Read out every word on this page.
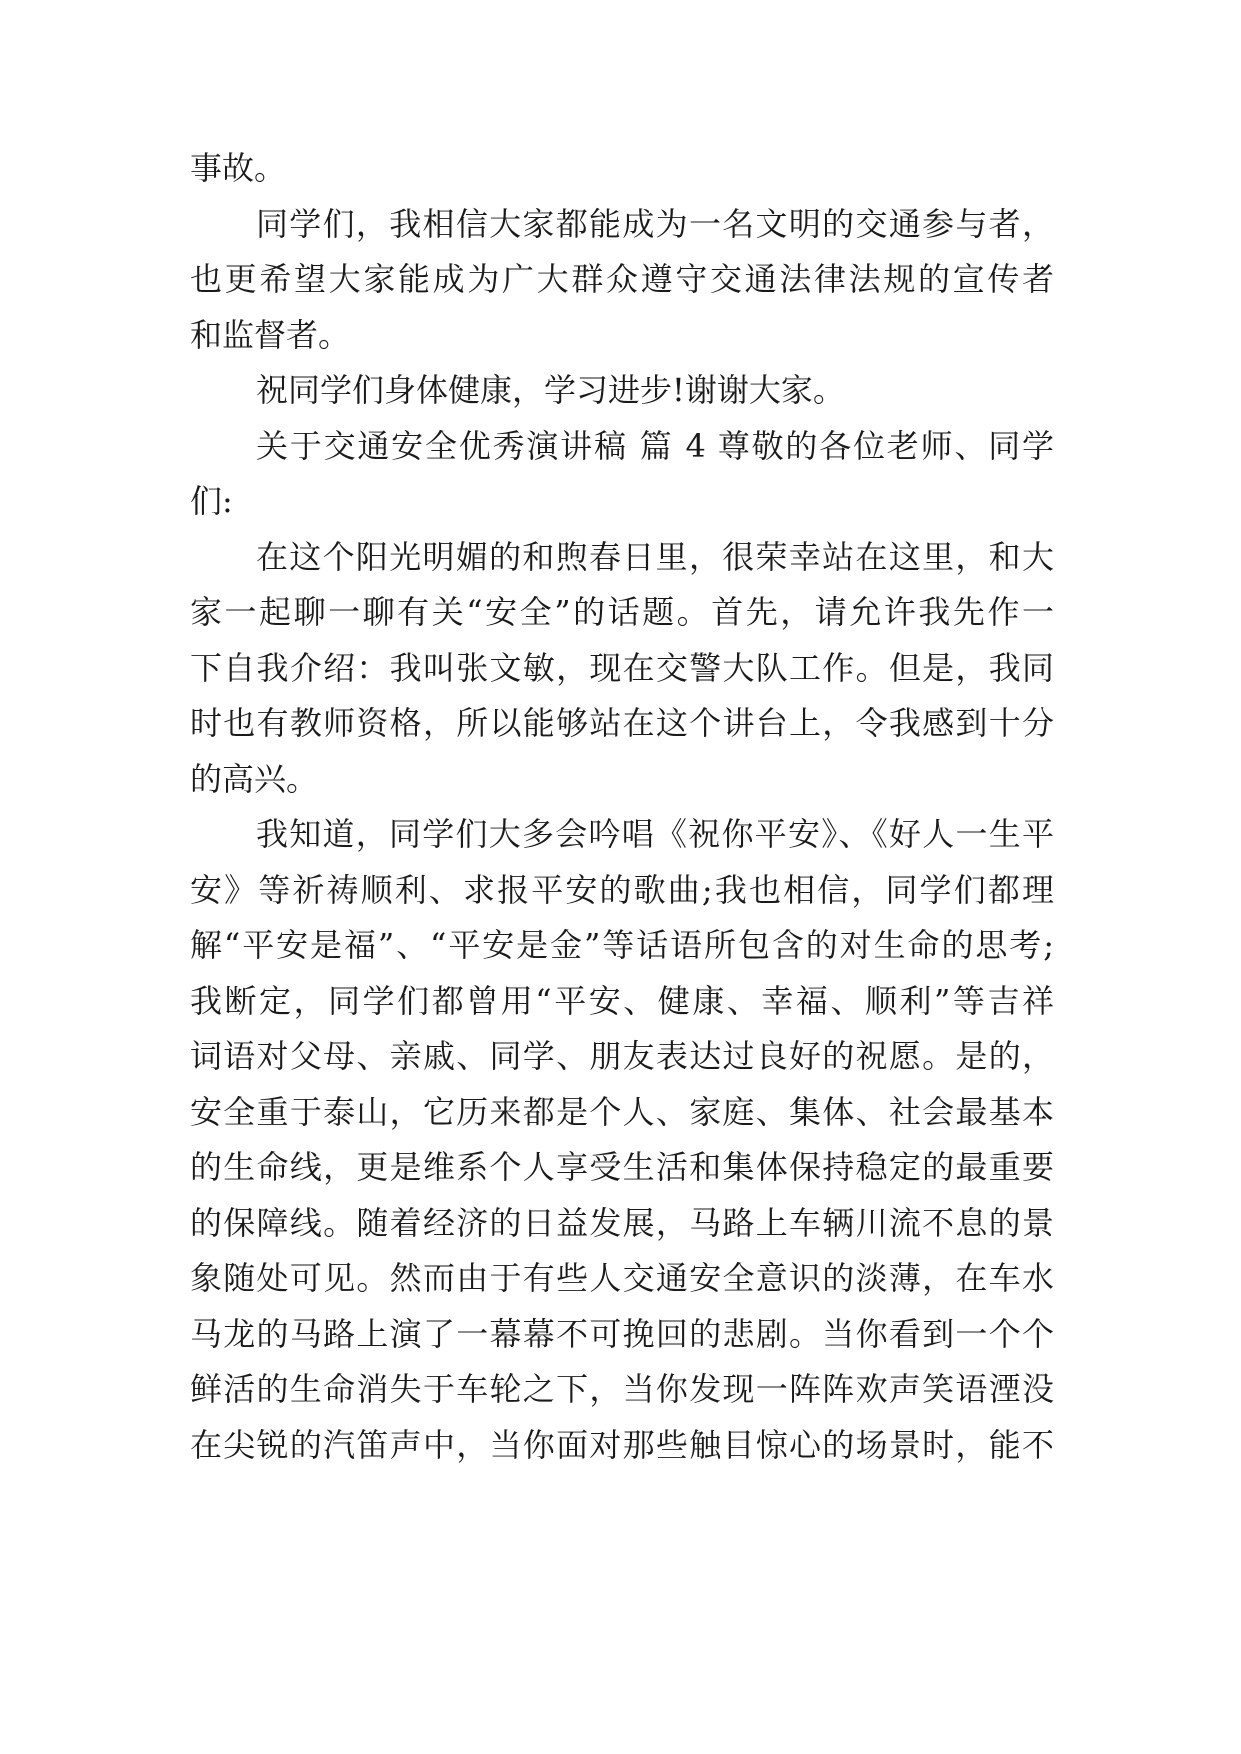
事故。

同学们，我相信大家都能成为一名文明的交通参与者，

也更希望大家能成为广大群众遵守交通法律法规的宣传者

和监督者。

祝同学们身体健康，学习进步!谢谢大家。

关于交通安全优秀演讲稿 篇 4 尊敬的各位老师、同学

们:

在这个阳光明媚的和煦春日里，很荣幸站在这里，和大

家一起聊一聊有关“安全”的话题。首先，请允许我先作一

下自我介绍：我叫张文敏，现在交警大队工作。但是，我同

时也有教师资格，所以能够站在这个讲台上，令我感到十分

的高兴。

我知道，同学们大多会吟唱《祝你平安》、《好人一生平

安》等祈祷顺利、求报平安的歌曲;我也相信，同学们都理

解“平安是福”、“平安是金”等话语所包含的对生命的思考;

我断定，同学们都曾用“平安、健康、幸福、顺利”等吉祥

词语对父母、亲戚、同学、朋友表达过良好的祝愿。是的，

安全重于泰山，它历来都是个人、家庭、集体、社会最基本

的生命线，更是维系个人享受生活和集体保持稳定的最重要

的保障线。随着经济的日益发展，马路上车辆川流不息的景

象随处可见。然而由于有些人交通安全意识的淡薄，在车水

马龙的马路上演了一幕幕不可挽回的悲剧。当你看到一个个

鲜活的生命消失于车轮之下，当你发现一阵阵欢声笑语湮没

在尖锐的汽笛声中，当你面对那些触目惊心的场景时，能不
